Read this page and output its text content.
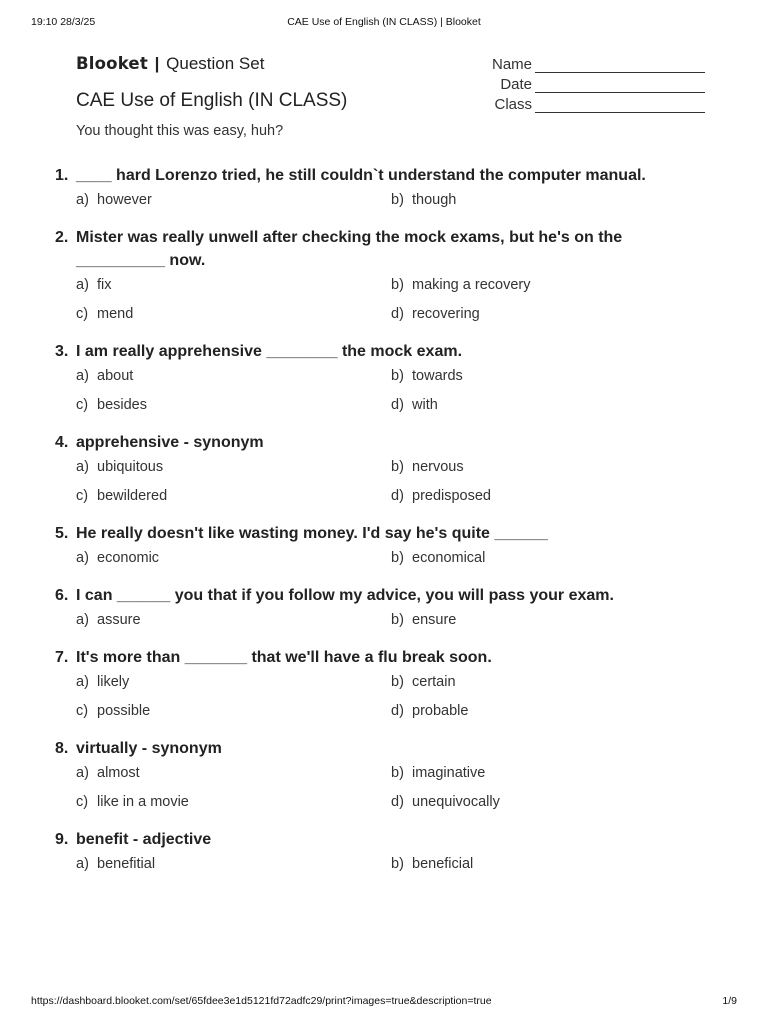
19:10 28/3/25	CAE Use of English (IN CLASS) | Blooket
Blooket | Question Set
CAE Use of English (IN CLASS)
You thought this was easy, huh?
Name
Date
Class
1. ____ hard Lorenzo tried, he still couldn`t understand the computer manual.
a) however	b) though
2. Mister was really unwell after checking the mock exams, but he's on the __________ now.
a) fix	b) making a recovery
c) mend	d) recovering
3. I am really apprehensive ________ the mock exam.
a) about	b) towards
c) besides	d) with
4. apprehensive - synonym
a) ubiquitous	b) nervous
c) bewildered	d) predisposed
5. He really doesn't like wasting money. I'd say he's quite ______
a) economic	b) economical
6. I can ______ you that if you follow my advice, you will pass your exam.
a) assure	b) ensure
7. It's more than _______ that we'll have a flu break soon.
a) likely	b) certain
c) possible	d) probable
8. virtually - synonym
a) almost	b) imaginative
c) like in a movie	d) unequivocally
9. benefit - adjective
a) benefitial	b) beneficial
https://dashboard.blooket.com/set/65fdee3e1d5121fd72adfc29/print?images=true&description=true	1/9
